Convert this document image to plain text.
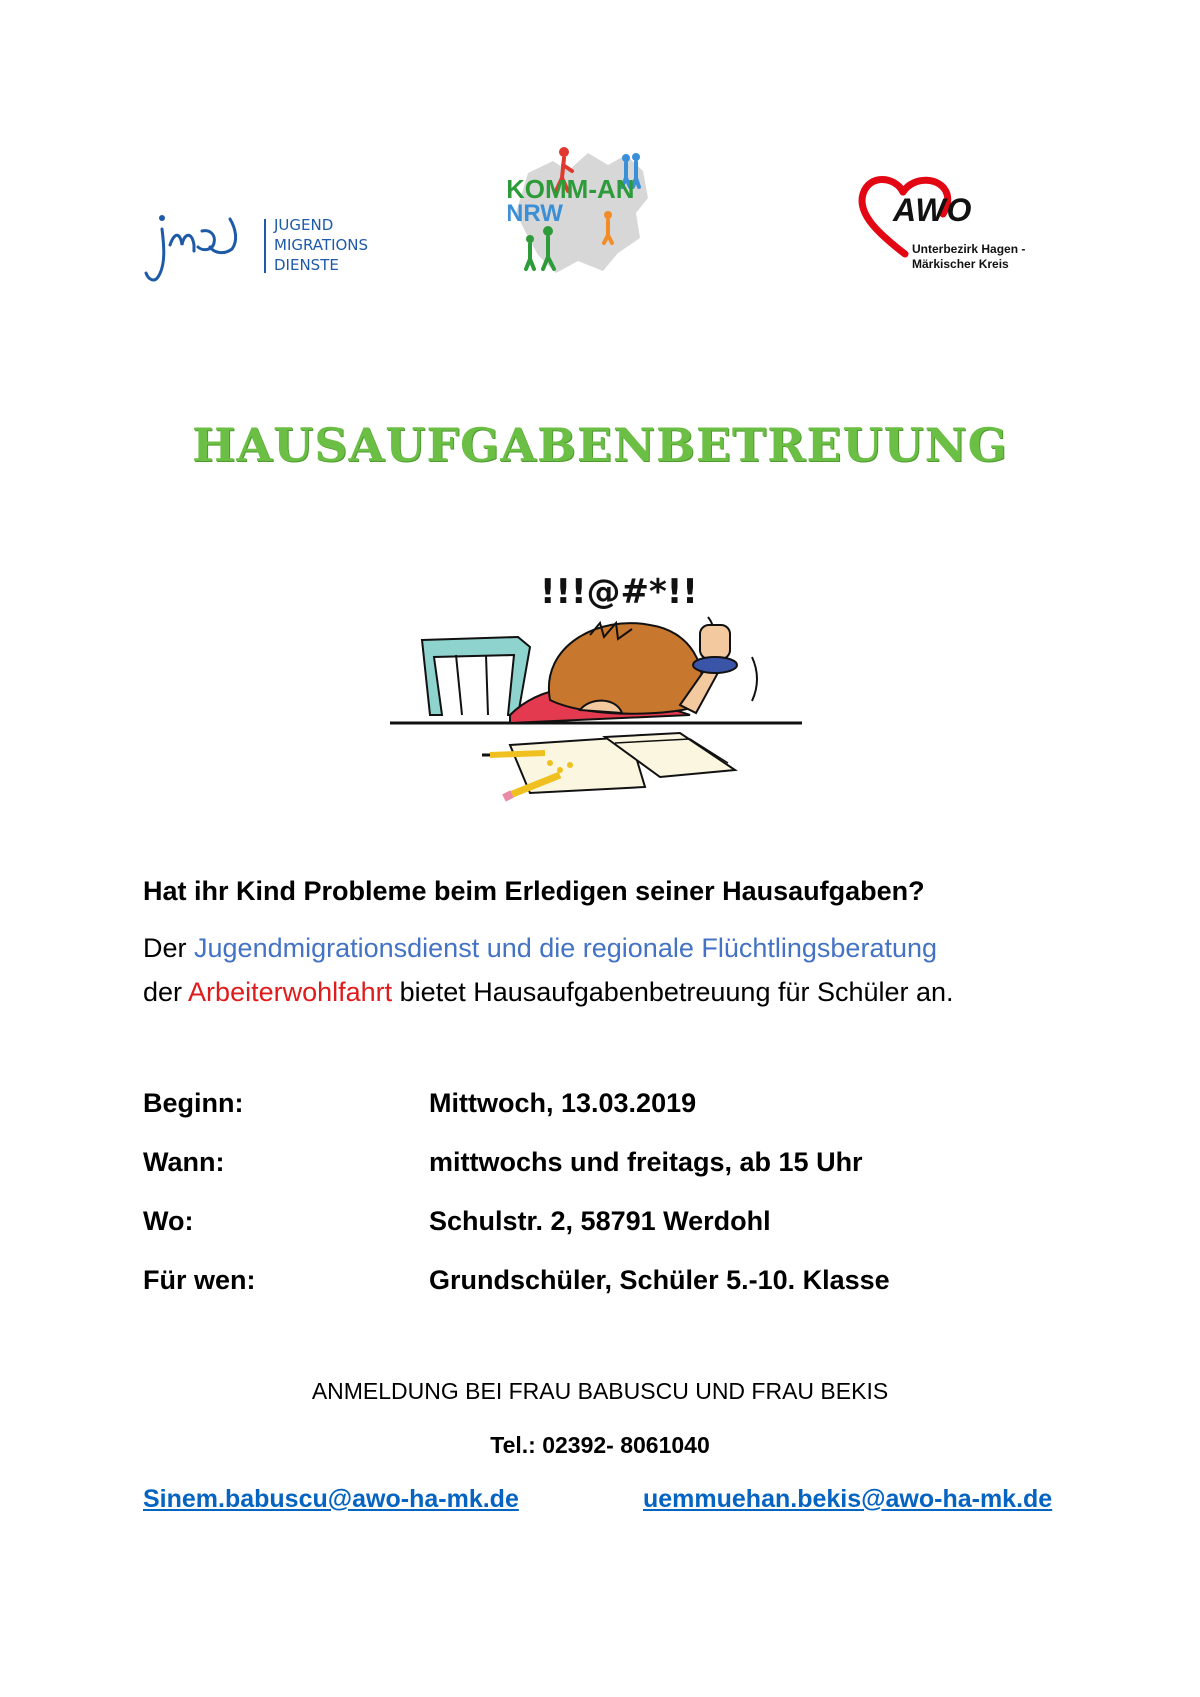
JUGEND
MIGRATIONS
DIENSTE
KOMM-AN
NRW	AWO
Unterbezirk Hagen -
Märkischer Kreis
HAUSAUFGABENBETREUUNG
!!!@#*!!
Hat ihr Kind Probleme beim Erledigen seiner Hausaufgaben?
Der Jugendmigrationsdienst und die regionale Flüchtlingsberatung
der Arbeiterwohlfahrt bietet Hausaufgabenbetreuung für Schüler an.
Beginn:	Mittwoch, 13.03.2019
Wann:	mittwochs und freitags, ab 15 Uhr
Wo:	Schulstr. 2, 58791 Werdohl
Für wen:	Grundschüler, Schüler 5.-10. Klasse
ANMELDUNG BEI FRAU BABUSCU UND FRAU BEKIS
Tel.: 02392- 8061040
Sinem.babuscu@awo-ha-mk.de	uemmuehan.bekis@awo-ha-mk.de
